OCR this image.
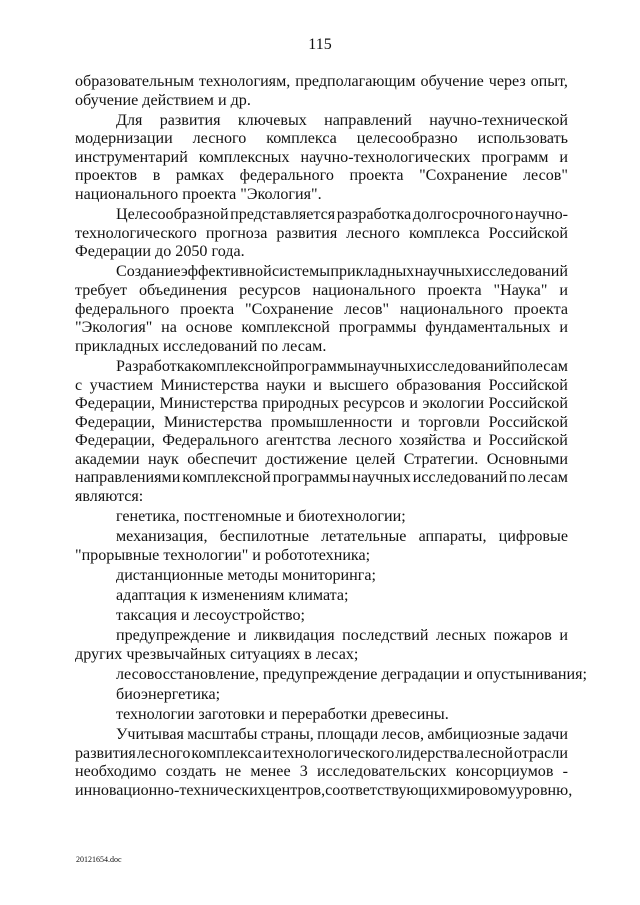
115
образовательным технологиям, предполагающим обучение через опыт,
обучение действием и др.
Для развития ключевых направлений научно-технической
модернизации лесного комплекса целесообразно использовать
инструментарий комплексных научно-технологических программ и
проектов в рамках федерального проекта "Сохранение лесов"
национального проекта "Экология".
Целесообразной представляется разработка долгосрочного научно-
технологического прогноза развития лесного комплекса Российской
Федерации до 2050 года.
Создание эффективной системы прикладных научных исследований
требует объединения ресурсов национального проекта "Наука" и
федерального проекта "Сохранение лесов" национального проекта
"Экология" на основе комплексной программы фундаментальных и
прикладных исследований по лесам.
Разработка комплексной программы научных исследований по лесам
с участием Министерства науки и высшего образования Российской
Федерации, Министерства природных ресурсов и экологии Российской
Федерации, Министерства промышленности и торговли Российской
Федерации, Федерального агентства лесного хозяйства и Российской
академии наук обеспечит достижение целей Стратегии. Основными
направлениями комплексной программы научных исследований по лесам
являются:
генетика, постгеномные и биотехнологии;
механизация, беспилотные летательные аппараты, цифровые
"прорывные технологии" и робототехника;
дистанционные методы мониторинга;
адаптация к изменениям климата;
таксация и лесоустройство;
предупреждение и ликвидация последствий лесных пожаров и
других чрезвычайных ситуациях в лесах;
лесовосстановление, предупреждение деградации и опустынивания;
биоэнергетика;
технологии заготовки и переработки древесины.
Учитывая масштабы страны, площади лесов, амбициозные задачи
развития лесного комплекса и технологического лидерства лесной отрасли
необходимо создать не менее 3 исследовательских консорциумов -
инновационно-технических центров, соответствующих мировому уровню,
20121654.doc
